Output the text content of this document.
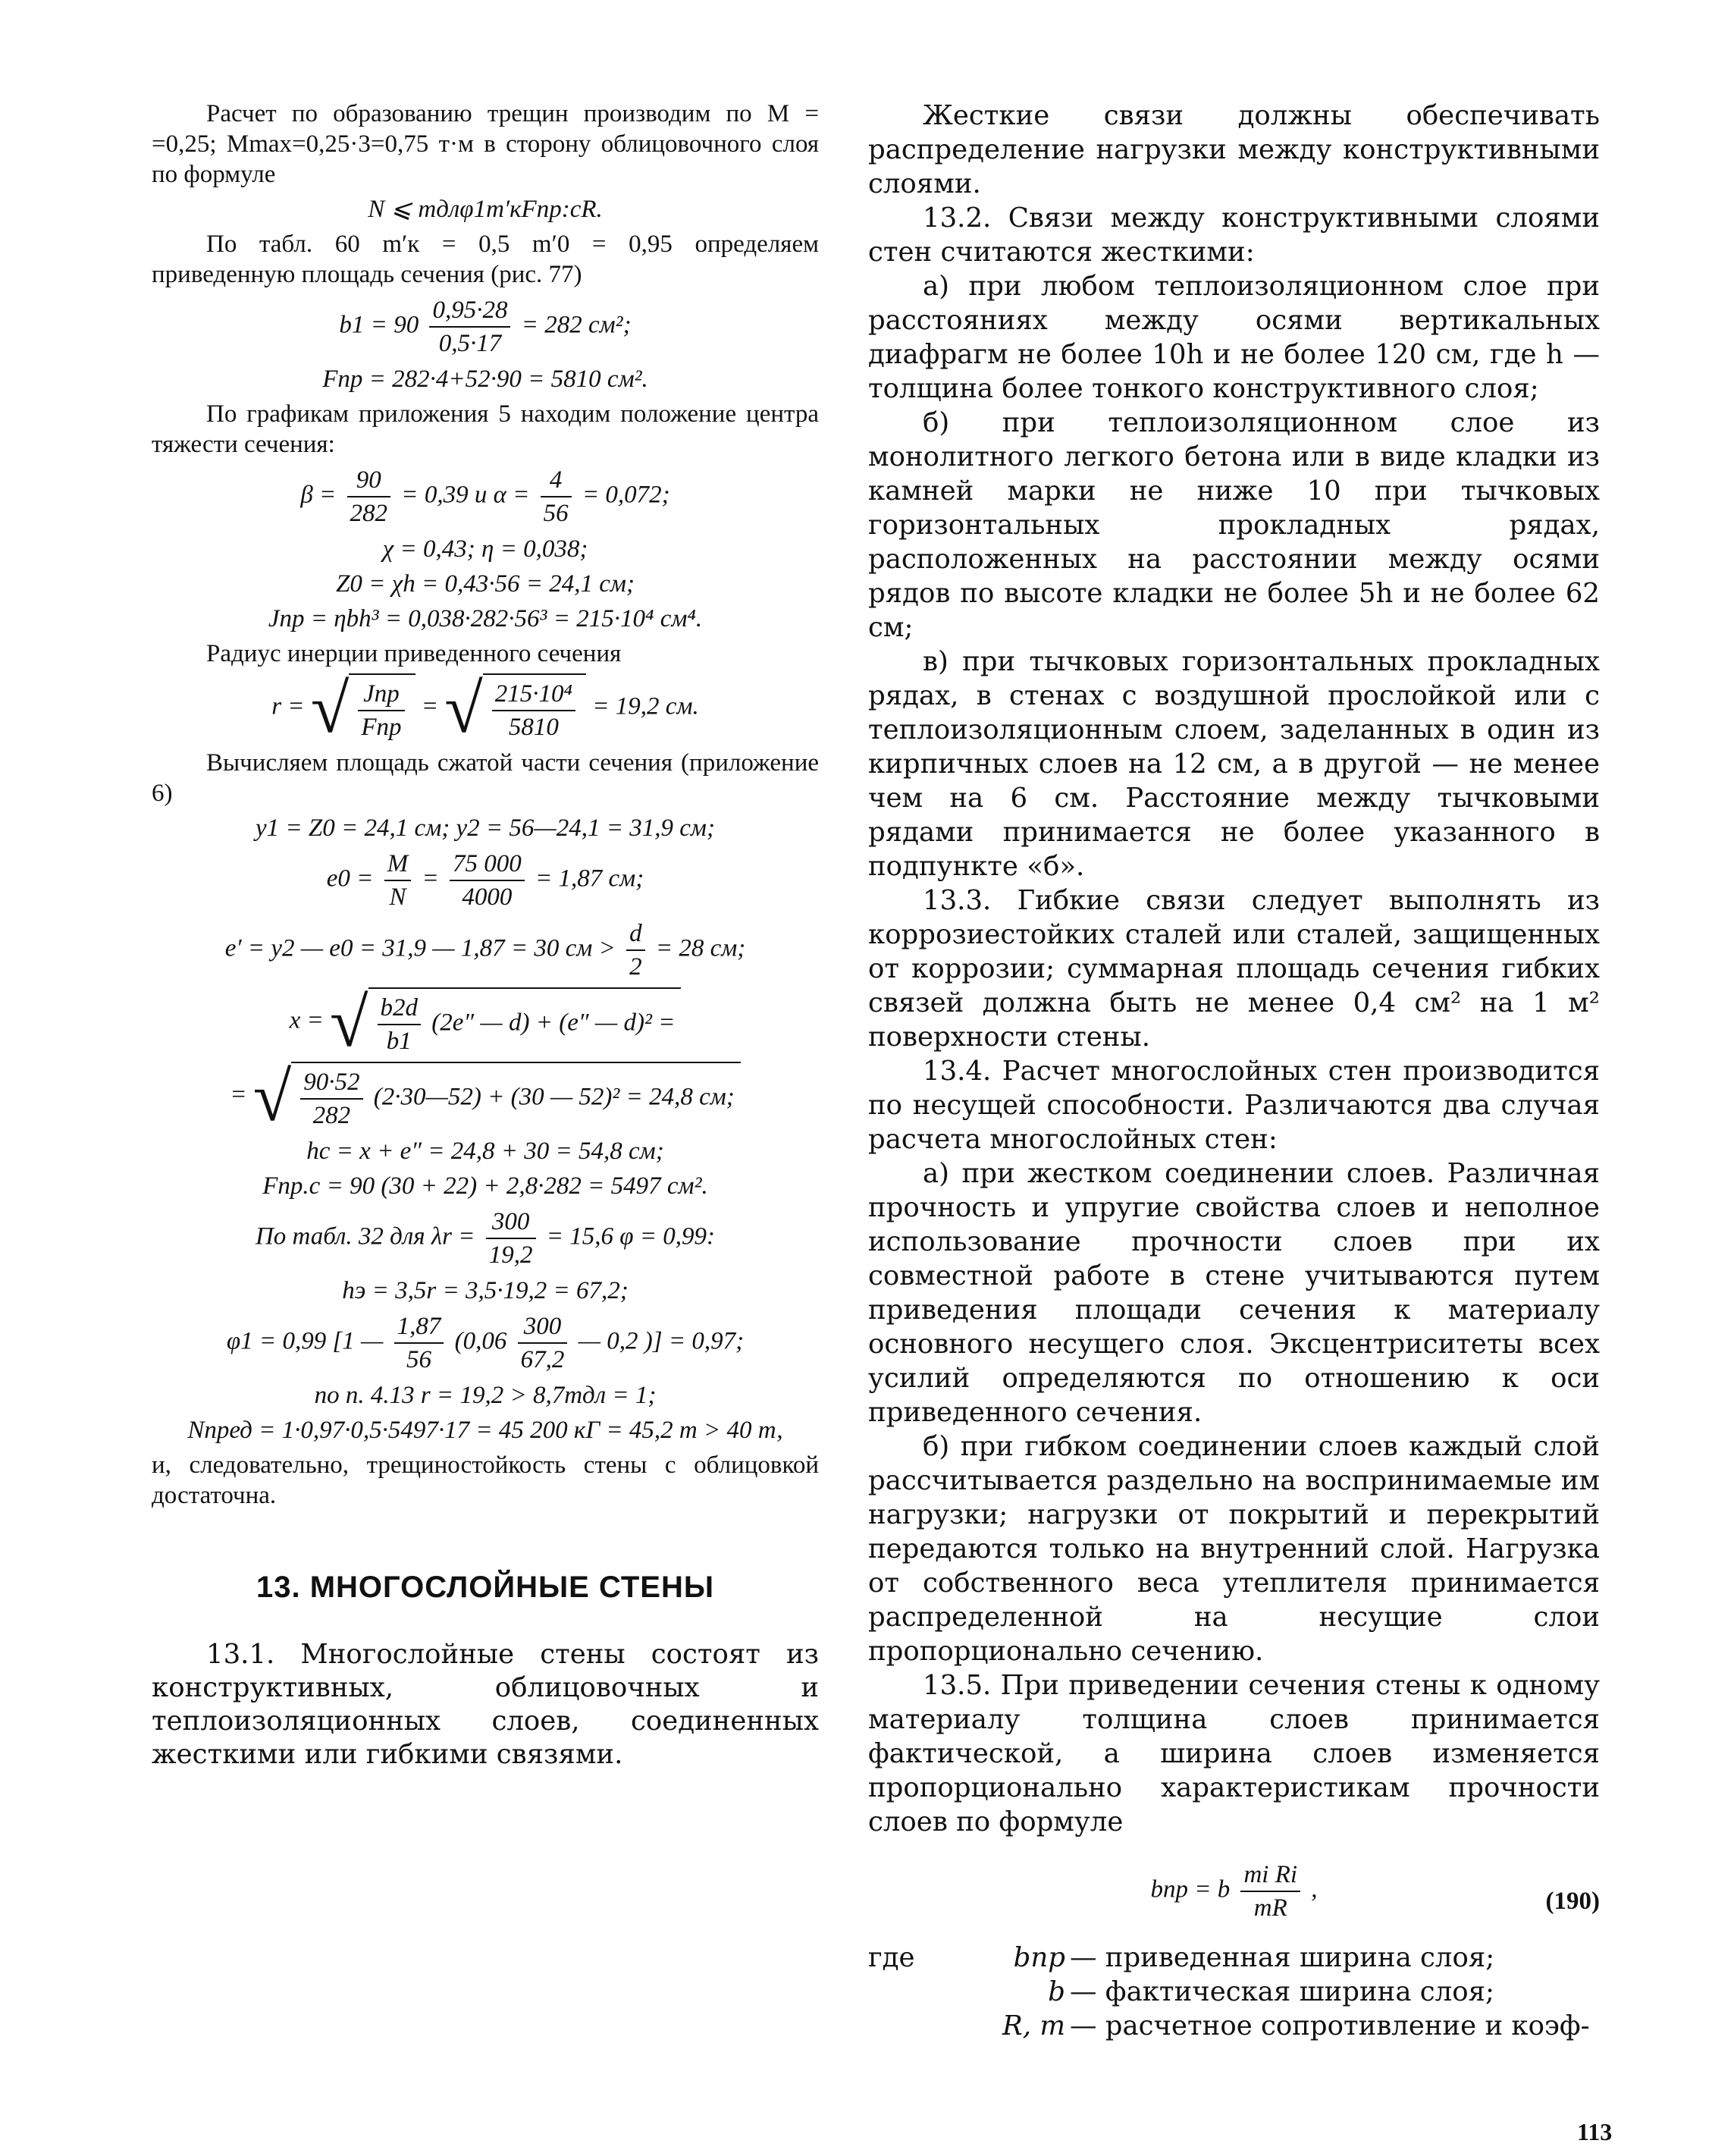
Расчет по образованию трещин производим по M = =0,25; Mmax=0,25·3=0,75 т·м в сторону облицовочного слоя по формуле

N ⩽ mдлφ1m′кFпр:сR.

По табл. 60 m′к = 0,5 m′0 = 0,95 определяем приведенную площадь сечения (рис. 77)

$b1 = 90 \frac{0,95\cdot 28}{0,5\cdot 17} = 282$ см²;
Fпр = 282·4+52·90 = 5810 см².

По графикам приложения 5 находим положение центра тяжести сечения:

$\beta = \frac{90}{282} = 0,39$ и $\alpha = \frac{4}{56} = 0,072$;
χ = 0,43; η = 0,038;
Z0 = χh = 0,43·56 = 24,1 см;
Jпр = ηbh³ = 0,038·282·56³ = 215·10⁴ см⁴.

Радиус инерции приведенного сечения

r = √ $\frac{\text{Jпр}}{\text{Fпр}}$ = √ $\frac{\text{215·10⁴}}{5810} = 19,2$ см.

Вычисляем площадь сжатой части сечения (приложение 6)

y1 = Z0 = 24,1 см; y2 = 56—24,1 = 31,9 см;
$e0 = \frac{M}{N} = \frac{75 000}{4000} = 1,87$ см;
e′ = y2 — e0 = 31,9 — 1,87 = 30 см > $\frac{d}{2} = 28$ см;
x = √ $\frac{b2d}{b1} (2e''$ — d) + (e″ — d)² =
= √ $\frac{90\cdot 52}{282}$ (2·30—52) + (30 — 52)² = 24,8 см;
hc = x + e″ = 24,8 + 30 = 54,8 см;
Fпр.с = 90 (30 + 22) + 2,8·282 = 5497 см².
По табл. 32 для $\lambda r = \frac{300}{19,2} = 15,6$ φ = 0,99:
hэ = 3,5r = 3,5·19,2 = 67,2;
φ1 = 0,99 [1 — $\frac{1,87}{56} (0,06 \frac{300}{67,2}$ — 0,2 )] = 0,97;
по п. 4.13 r = 19,2 > 8,7mдл = 1;
Nпред = 1·0,97·0,5·5497·17 = 45 200 кГ = 45,2 т > 40 т,

и, следовательно, трещиностойкость стены с облицовкой достаточна.

13. МНОГОСЛОЙНЫЕ СТЕНЫ

13.1. Многослойные стены состоят из конструктивных, облицовочных и теплоизоляционных слоев, соединенных жесткими или гибкими связями.

Жесткие связи должны обеспечивать распределение нагрузки между конструктивными слоями.

13.2. Связи между конструктивными слоями стен считаются жесткими:

а) при любом теплоизоляционном слое при расстояниях между осями вертикальных диафрагм не более 10h и не более 120 см, где h — толщина более тонкого конструктивного слоя;

б) при теплоизоляционном слое из монолитного легкого бетона или в виде кладки из камней марки не ниже 10 при тычковых горизонтальных прокладных рядах, расположенных на расстоянии между осями рядов по высоте кладки не более 5h и не более 62 см;

в) при тычковых горизонтальных прокладных рядах, в стенах с воздушной прослойкой или с теплоизоляционным слоем, заделанных в один из кирпичных слоев на 12 см, а в другой — не менее чем на 6 см. Расстояние между тычковыми рядами принимается не более указанного в подпункте «б».

13.3. Гибкие связи следует выполнять из коррозиестойких сталей или сталей, защищенных от коррозии; суммарная площадь сечения гибких связей должна быть не менее 0,4 см² на 1 м² поверхности стены.

13.4. Расчет многослойных стен производится по несущей способности. Различаются два случая расчета многослойных стен:

а) при жестком соединении слоев. Различная прочность и упругие свойства слоев и неполное использование прочности слоев при их совместной работе в стене учитываются путем приведения площади сечения к материалу основного несущего слоя. Эксцентриситеты всех усилий определяются по отношению к оси приведенного сечения.

б) при гибком соединении слоев каждый слой рассчитывается раздельно на воспринимаемые им нагрузки; нагрузки от покрытий и перекрытий передаются только на внутренний слой. Нагрузка от собственного веса утеплителя принимается распределенной на несущие слои пропорционально сечению.

13.5. При приведении сечения стены к одному материалу толщина слоев принимается фактической, а ширина слоев изменяется пропорционально характеристикам прочности слоев по формуле

bпр = b $\frac{\text{mi Ri}}{mR}$ ,	(190)
где	bпр — приведенная ширина слоя;
b — фактическая ширина слоя;
R, m — расчетное сопротивление и коэф-
113
